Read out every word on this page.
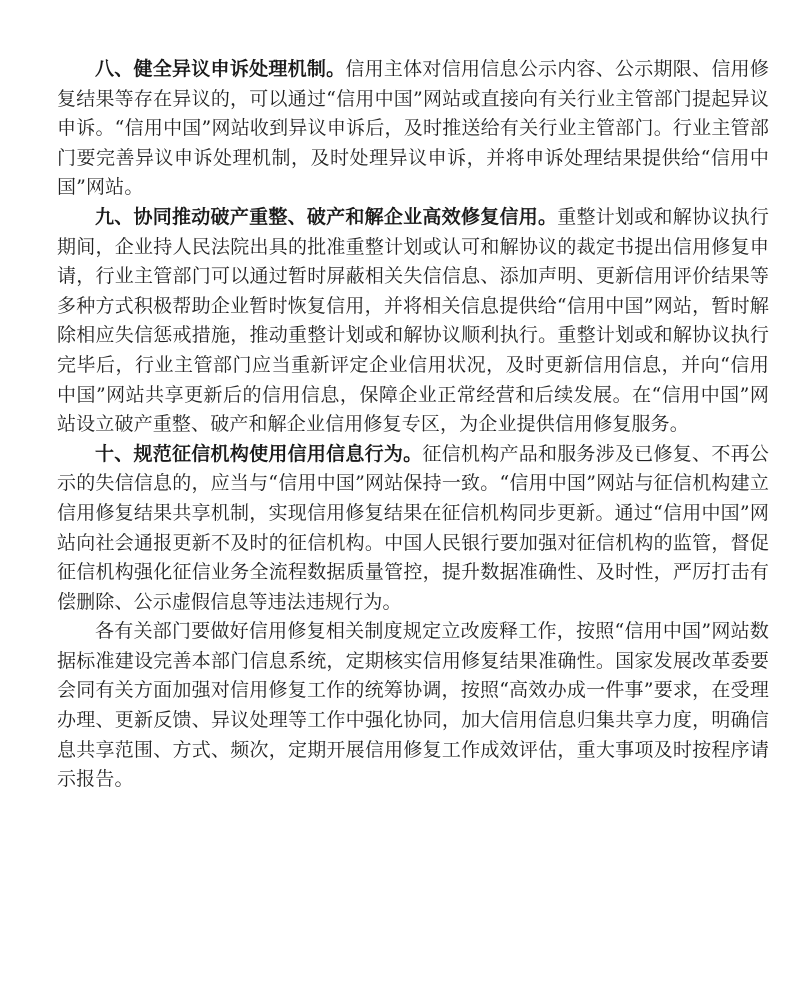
八、健全异议申诉处理机制。信用主体对信用信息公示内容、公示期限、信用修复结果等存在异议的，可以通过“信用中国”网站或直接向有关行业主管部门提起异议申诉。“信用中国”网站收到异议申诉后，及时推送给有关行业主管部门。行业主管部门要完善异议申诉处理机制，及时处理异议申诉，并将申诉处理结果提供给“信用中国”网站。

九、协同推动破产重整、破产和解企业高效修复信用。重整计划或和解协议执行期间，企业持人民法院出具的批准重整计划或认可和解协议的裁定书提出信用修复申请，行业主管部门可以通过暂时屏蔽相关失信信息、添加声明、更新信用评价结果等多种方式积极帮助企业暂时恢复信用，并将相关信息提供给“信用中国”网站，暂时解除相应失信惩戒措施，推动重整计划或和解协议顺利执行。重整计划或和解协议执行完毕后，行业主管部门应当重新评定企业信用状况，及时更新信用信息，并向“信用中国”网站共享更新后的信用信息，保障企业正常经营和后续发展。在“信用中国”网站设立破产重整、破产和解企业信用修复专区，为企业提供信用修复服务。

十、规范征信机构使用信用信息行为。征信机构产品和服务涉及已修复、不再公示的失信信息的，应当与“信用中国”网站保持一致。“信用中国”网站与征信机构建立信用修复结果共享机制，实现信用修复结果在征信机构同步更新。通过“信用中国”网站向社会通报更新不及时的征信机构。中国人民银行要加强对征信机构的监管，督促征信机构强化征信业务全流程数据质量管控，提升数据准确性、及时性，严厉打击有偿删除、公示虚假信息等违法违规行为。

各有关部门要做好信用修复相关制度规定立改废释工作，按照“信用中国”网站数据标准建设完善本部门信息系统，定期核实信用修复结果准确性。国家发展改革委要会同有关方面加强对信用修复工作的统筹协调，按照“高效办成一件事”要求，在受理办理、更新反馈、异议处理等工作中强化协同，加大信用信息归集共享力度，明确信息共享范围、方式、频次，定期开展信用修复工作成效评估，重大事项及时按程序请示报告。
